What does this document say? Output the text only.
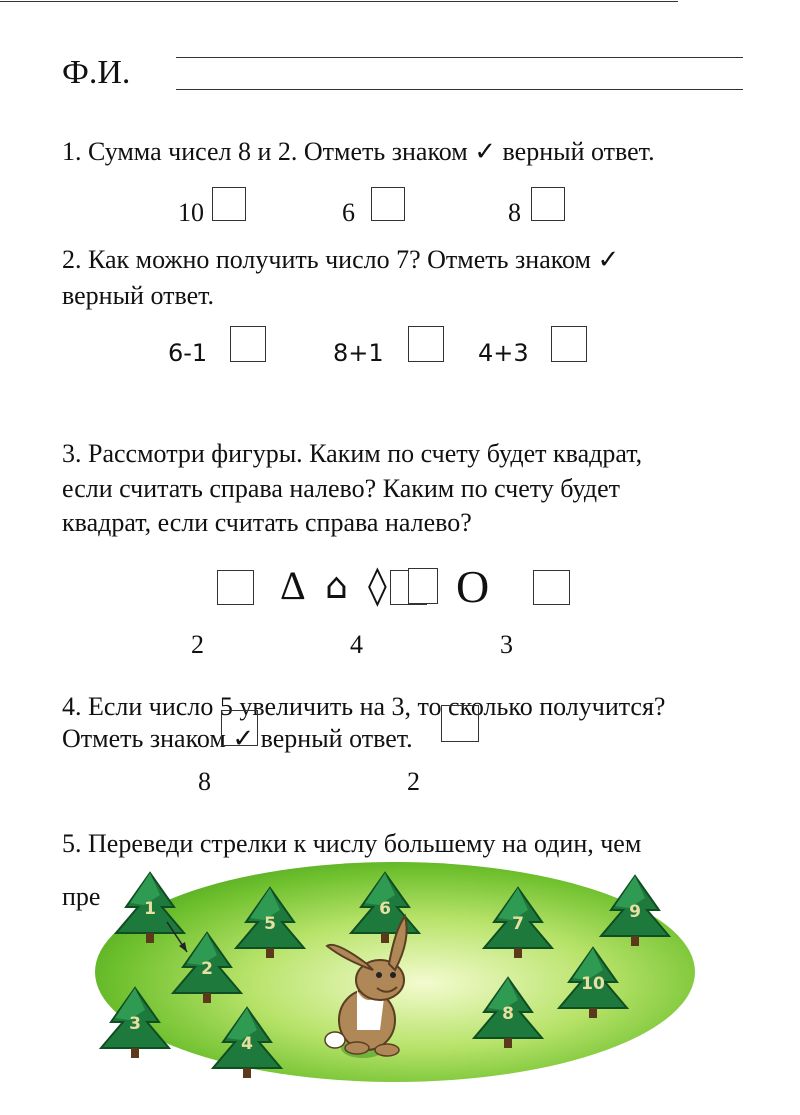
Ф.И.
1. Сумма чисел 8 и 2. Отметь знаком ✓ верный ответ.
10	6	8
2. Как можно получить число 7? Отметь знаком ✓
верный ответ.
6-1	8+1	4+3
3. Рассмотри фигуры. Каким по счету будет квадрат,
если считать справа налево? Каким по счету будет
квадрат, если считать справа налево?
Δ ⌂ ◊ O
2	4	3
4. Если число 5 увеличить на 3, то сколько получится?
Отметь знаком ✓ верный ответ.
8	2
5. Переведи стрелки к числу большему на один, чем
пре	1
2
3
4
5
6
7
8
9
10
